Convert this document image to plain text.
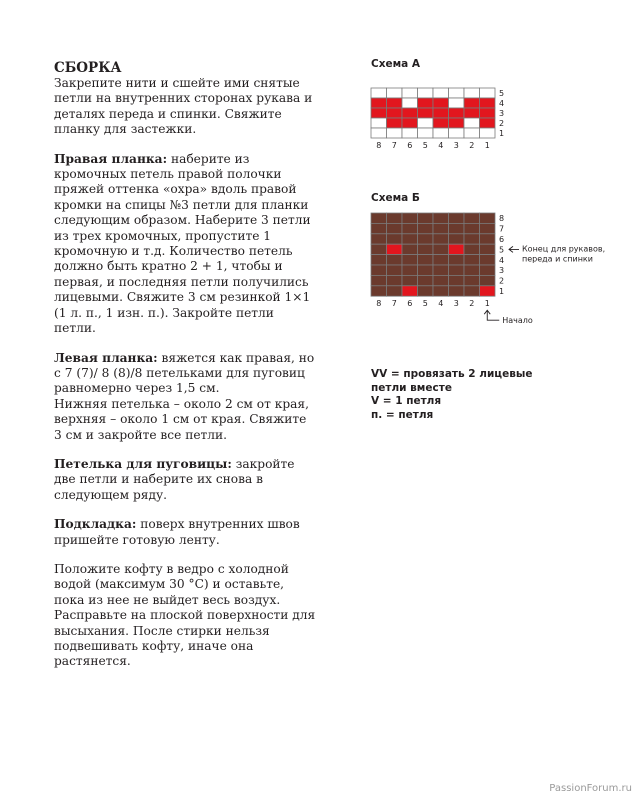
СБОРКА
Закрепите нити и сшейте ими снятые петли на внутренних сторонах рукава и деталях переда и спинки. Свяжите планку для застежки.

Правая планка: наберите из кромочных петель правой полочки пряжей оттенка «охра» вдоль правой кромки на спицы №3 петли для планки следующим образом. Наберите 3 петли из трех кромочных, пропустите 1 кромочную и т.д. Количество петель должно быть кратно 2 + 1, чтобы и первая, и последняя петли получились лицевыми. Свяжите 3 см резинкой 1×1 (1 л. п., 1 изн. п.). Закройте петли петли.

Левая планка: вяжется как правая, но с 7 (7)/ 8 (8)/8 петельками для пуговиц равномерно через 1,5 см.
Нижняя петелька – около 2 см от края, верхняя – около 1 см от края. Свяжите 3 см и закройте все петли.

Петелька для пуговицы: закройте две петли и наберите их снова в следующем ряду.

Подкладка: поверх внутренних швов пришейте готовую ленту.

Положите кофту в ведро с холодной водой (максимум 30 °C) и оставьте, пока из нее не выйдет весь воздух. Расправьте на плоской поверхности для высыхания. После стирки нельзя подвешивать кофту, иначе она растянется.

Схема А
5
4
3
2
1
8 7 6 5 4 3 2 1
Схема Б
8
7
6
5
4
3
2
1
8 7 6 5 4 3 2 1
Конец для рукавов,
переда и спинки
Начало
VV = провязать 2 лицевые
петли вместе
V = 1 петля
п. = петля
PassionForum.ru
